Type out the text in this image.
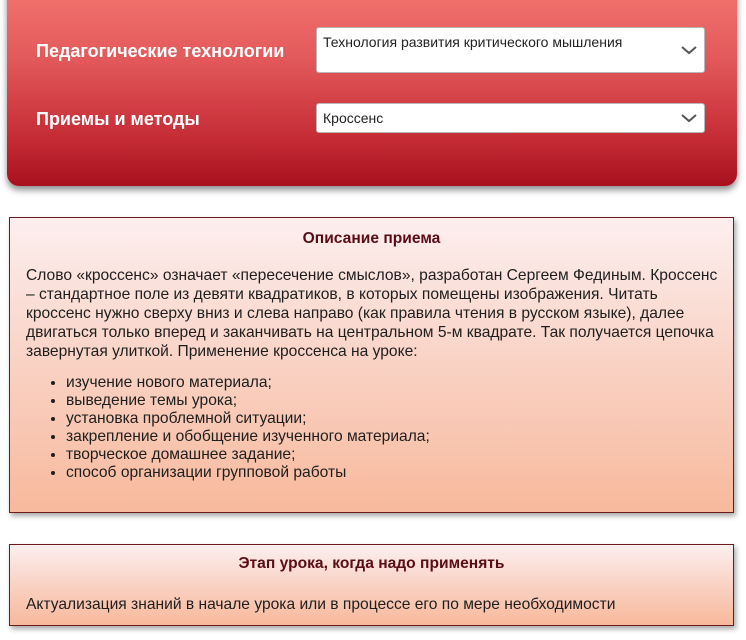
Педагогические технологии	Технология развития критического мышления
Приемы и методы	Кроссенс
Описание приема
Слово «кроссенс» означает «пересечение смыслов», разработан Сергеем Фединым. Кроссенс – стандартное поле из девяти квадратиков, в которых помещены изображения. Читать кроссенс нужно сверху вниз и слева направо (как правила чтения в русском языке), далее двигаться только вперед и заканчивать на центральном 5-м квадрате. Так получается цепочка завернутая улиткой. Применение кроссенса на уроке:
• изучение нового материала;
• выведение темы урока;
• установка проблемной ситуации;
• закрепление и обобщение изученного материала;
• творческое домашнее задание;
• способ организации групповой работы
Этап урока, когда надо применять
Актуализация знаний в начале урока или в процессе его по мере необходимости
